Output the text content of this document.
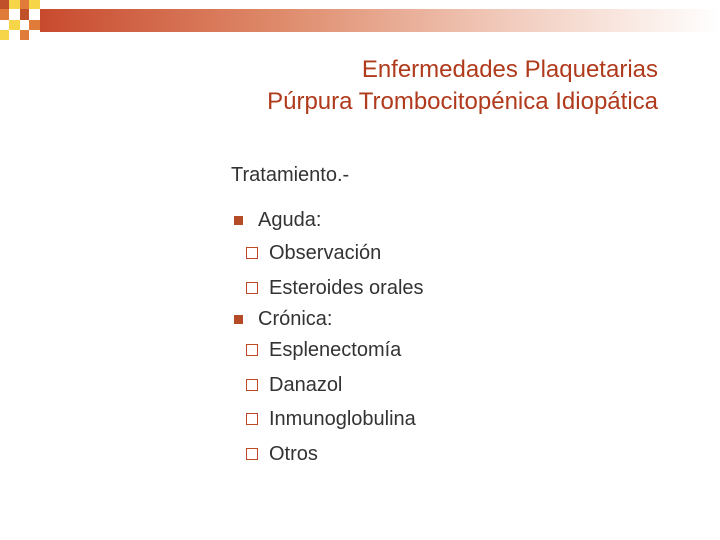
Enfermedades Plaquetarias
Púrpura Trombocitopénica Idiopática
Tratamiento.-
Aguda:
Observación
Esteroides orales
Crónica:
Esplenectomía
Danazol
Inmunoglobulina
Otros
